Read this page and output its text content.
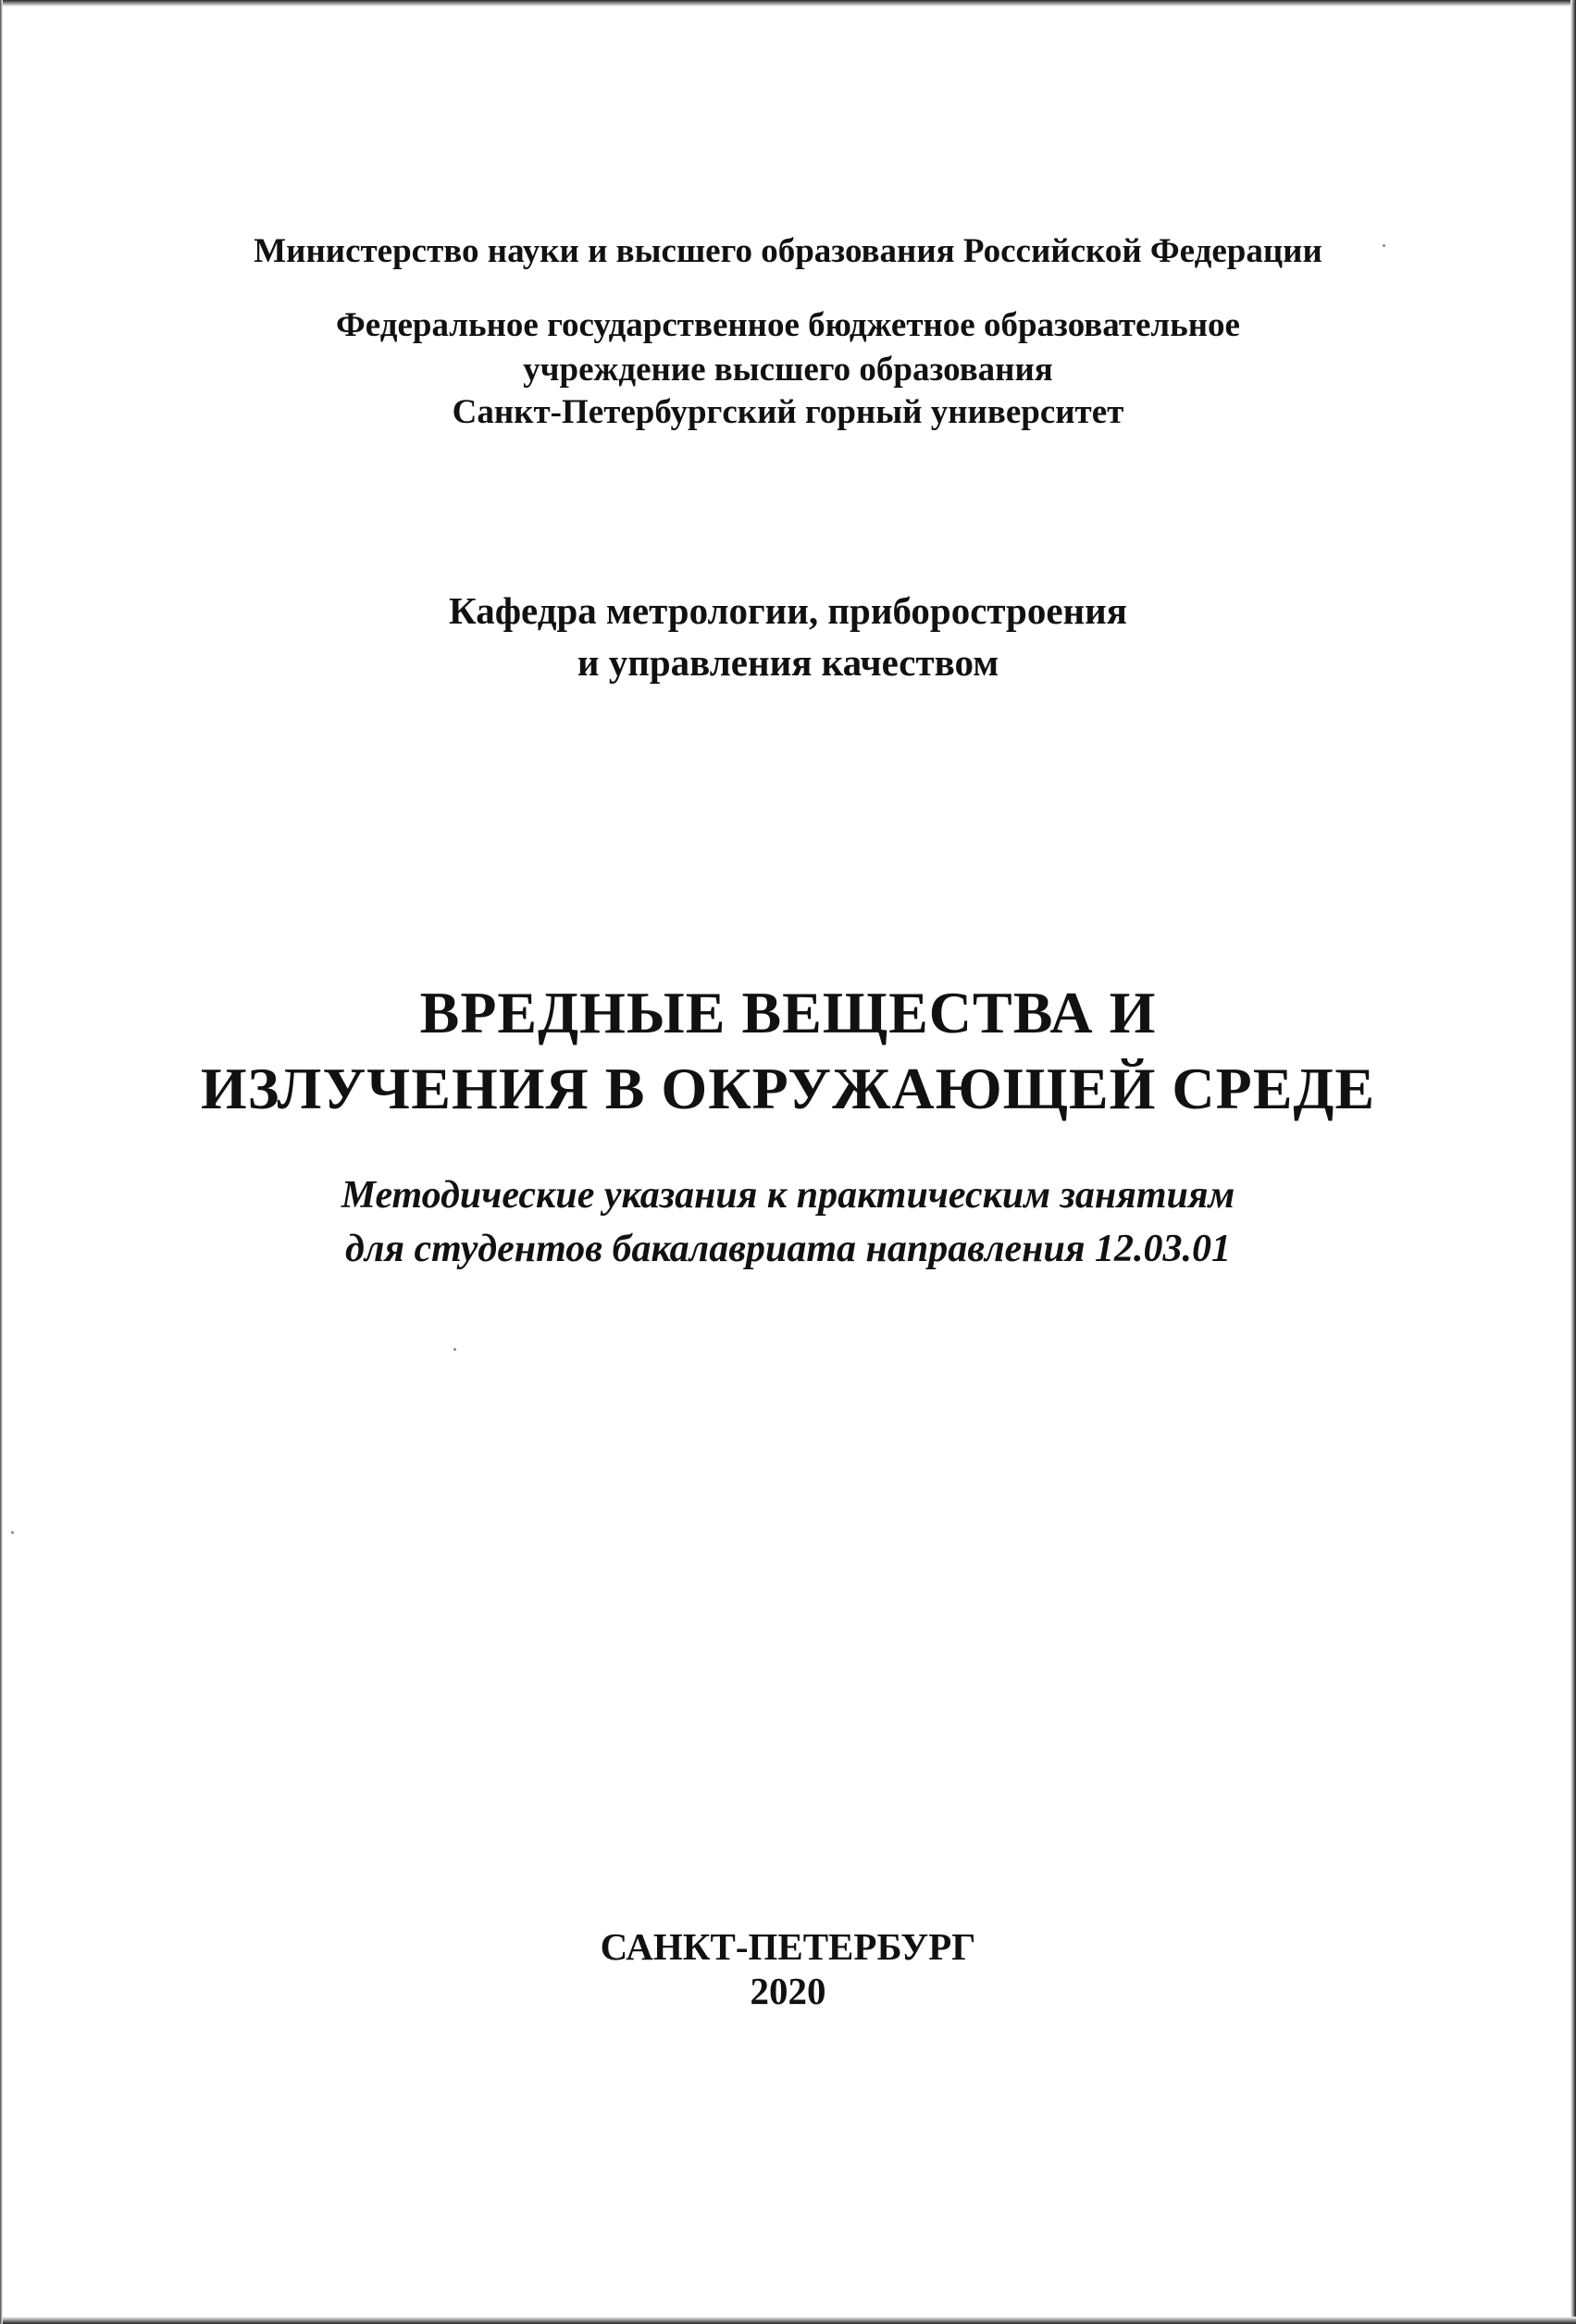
Министерство науки и высшего образования Российской Федерации
Федеральное государственное бюджетное образовательное
учреждение высшего образования
Санкт-Петербургский горный университет
Кафедра метрологии, приборостроения
и управления качеством
ВРЕДНЫЕ ВЕЩЕСТВА И
ИЗЛУЧЕНИЯ В ОКРУЖАЮЩЕЙ СРЕДЕ
Методические указания к практическим занятиям
для студентов бакалавриата направления 12.03.01
САНКТ-ПЕТЕРБУРГ
2020
